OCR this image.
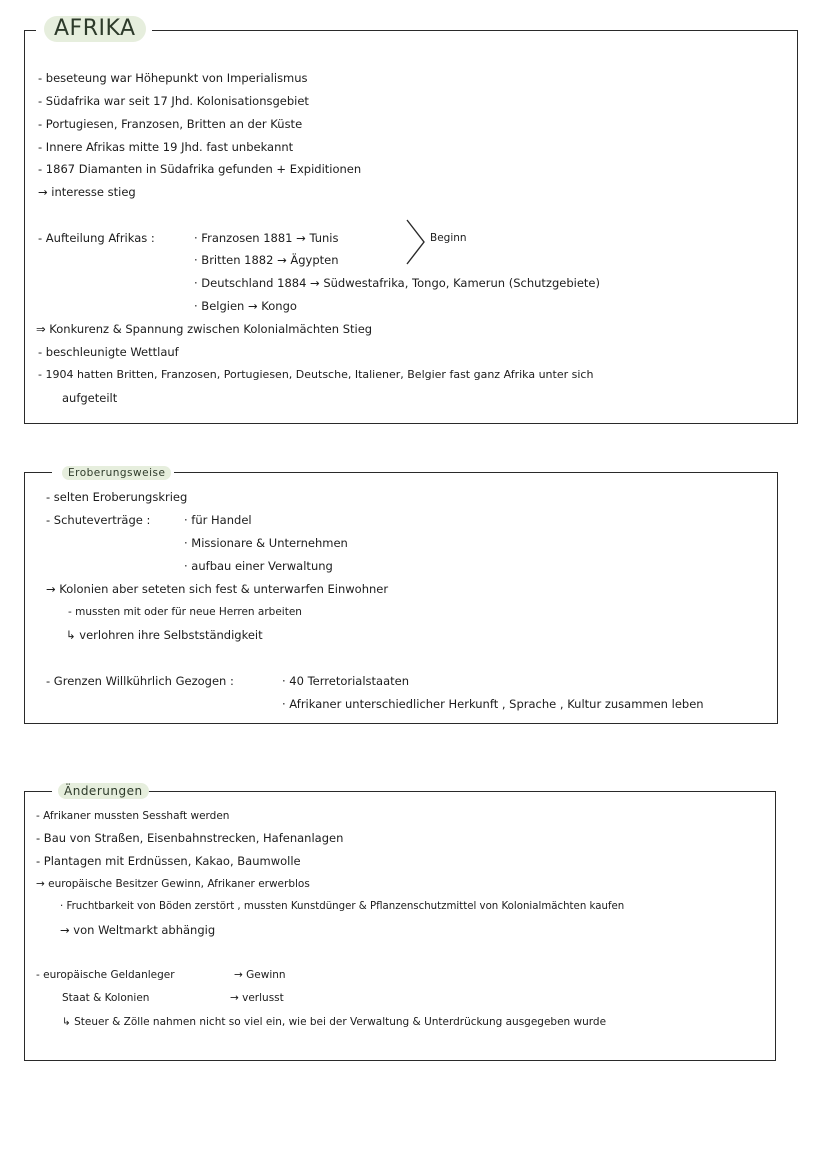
AFRIKA
- beseteung war Höhepunkt von Imperialismus
- Südafrika war seit 17 Jhd. Kolonisationsgebiet
- Portugiesen, Franzosen, Britten an der Küste
- Innere Afrikas mitte 19 Jhd. fast unbekannt
- 1867 Diamanten in Südafrika gefunden + Expiditionen
→ interesse stieg
- Aufteilung Afrikas :	· Franzosen 1881 → Tunis
· Britten 1882 → Ägypten
· Deutschland 1884 → Südwestafrika, Tongo, Kamerun (Schutzgebiete)
· Belgien → Kongo
Beginn
⇒ Konkurenz & Spannung zwischen Kolonialmächten Stieg
- beschleunigte Wettlauf
- 1904 hatten Britten, Franzosen, Portugiesen, Deutsche, Italiener, Belgier fast ganz Afrika unter sich
aufgeteilt
Eroberungsweise
- selten Eroberungskrieg
- Schuteverträge :	· für Handel
· Missionare & Unternehmen
· aufbau einer Verwaltung
→ Kolonien aber seteten sich fest & unterwarfen Einwohner
- mussten mit oder für neue Herren arbeiten
↳ verlohren ihre Selbstständigkeit
- Grenzen Willkührlich Gezogen :	· 40 Terretorialstaaten
· Afrikaner unterschiedlicher Herkunft , Sprache , Kultur zusammen leben
Änderungen
- Afrikaner mussten Sesshaft werden
- Bau von Straßen, Eisenbahnstrecken, Hafenanlagen
- Plantagen mit Erdnüssen, Kakao, Baumwolle
→ europäische Besitzer Gewinn, Afrikaner erwerblos
· Fruchtbarkeit von Böden zerstört , mussten Kunstdünger & Pflanzenschutzmittel von Kolonialmächten kaufen
→ von Weltmarkt abhängig
- europäische Geldanleger	→ Gewinn
Staat & Kolonien	→ verlusst
↳ Steuer & Zölle nahmen nicht so viel ein, wie bei der Verwaltung & Unterdrückung ausgegeben wurde
